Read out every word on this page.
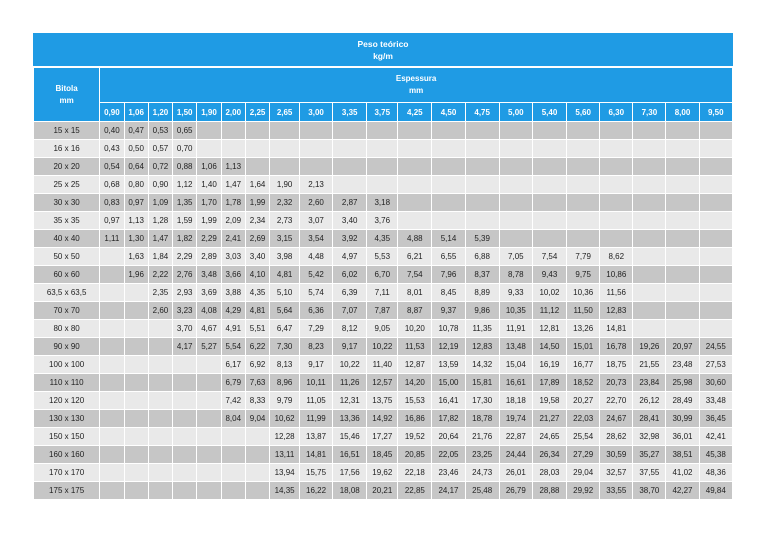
Peso teórico
kg/m
Bitola
mm	Espessura
mm																				
	0,90	1,06	1,20	1,50	1,90	2,00	2,25	2,65	3,00	3,35	3,75	4,25	4,50	4,75	5,00	5,40	5,60	6,30	7,30	8,00	9,50
15 x 15	0,40	0,47	0,53	0,65																	
16 x 16	0,43	0,50	0,57	0,70																	
20 x 20	0,54	0,64	0,72	0,88	1,06	1,13															
25 x 25	0,68	0,80	0,90	1,12	1,40	1,47	1,64	1,90	2,13												
30 x 30	0,83	0,97	1,09	1,35	1,70	1,78	1,99	2,32	2,60	2,87	3,18										
35 x 35	0,97	1,13	1,28	1,59	1,99	2,09	2,34	2,73	3,07	3,40	3,76										
40 x 40	1,11	1,30	1,47	1,82	2,29	2,41	2,69	3,15	3,54	3,92	4,35	4,88	5,14	5,39							
50 x 50		1,63	1,84	2,29	2,89	3,03	3,40	3,98	4,48	4,97	5,53	6,21	6,55	6,88	7,05	7,54	7,79	8,62			
60 x 60		1,96	2,22	2,76	3,48	3,66	4,10	4,81	5,42	6,02	6,70	7,54	7,96	8,37	8,78	9,43	9,75	10,86			
63,5 x 63,5			2,35	2,93	3,69	3,88	4,35	5,10	5,74	6,39	7,11	8,01	8,45	8,89	9,33	10,02	10,36	11,56			
70 x 70			2,60	3,23	4,08	4,29	4,81	5,64	6,36	7,07	7,87	8,87	9,37	9,86	10,35	11,12	11,50	12,83			
80 x 80				3,70	4,67	4,91	5,51	6,47	7,29	8,12	9,05	10,20	10,78	11,35	11,91	12,81	13,26	14,81			
90 x 90				4,17	5,27	5,54	6,22	7,30	8,23	9,17	10,22	11,53	12,19	12,83	13,48	14,50	15,01	16,78	19,26	20,97	24,55
100 x 100						6,17	6,92	8,13	9,17	10,22	11,40	12,87	13,59	14,32	15,04	16,19	16,77	18,75	21,55	23,48	27,53
110 x 110						6,79	7,63	8,96	10,11	11,26	12,57	14,20	15,00	15,81	16,61	17,89	18,52	20,73	23,84	25,98	30,60
120 x 120						7,42	8,33	9,79	11,05	12,31	13,75	15,53	16,41	17,30	18,18	19,58	20,27	22,70	26,12	28,49	33,48
130 x 130						8,04	9,04	10,62	11,99	13,36	14,92	16,86	17,82	18,78	19,74	21,27	22,03	24,67	28,41	30,99	36,45
150 x 150								12,28	13,87	15,46	17,27	19,52	20,64	21,76	22,87	24,65	25,54	28,62	32,98	36,01	42,41
160 x 160								13,11	14,81	16,51	18,45	20,85	22,05	23,25	24,44	26,34	27,29	30,59	35,27	38,51	45,38
170 x 170								13,94	15,75	17,56	19,62	22,18	23,46	24,73	26,01	28,03	29,04	32,57	37,55	41,02	48,36
175 x 175								14,35	16,22	18,08	20,21	22,85	24,17	25,48	26,79	28,88	29,92	33,55	38,70	42,27	49,84
